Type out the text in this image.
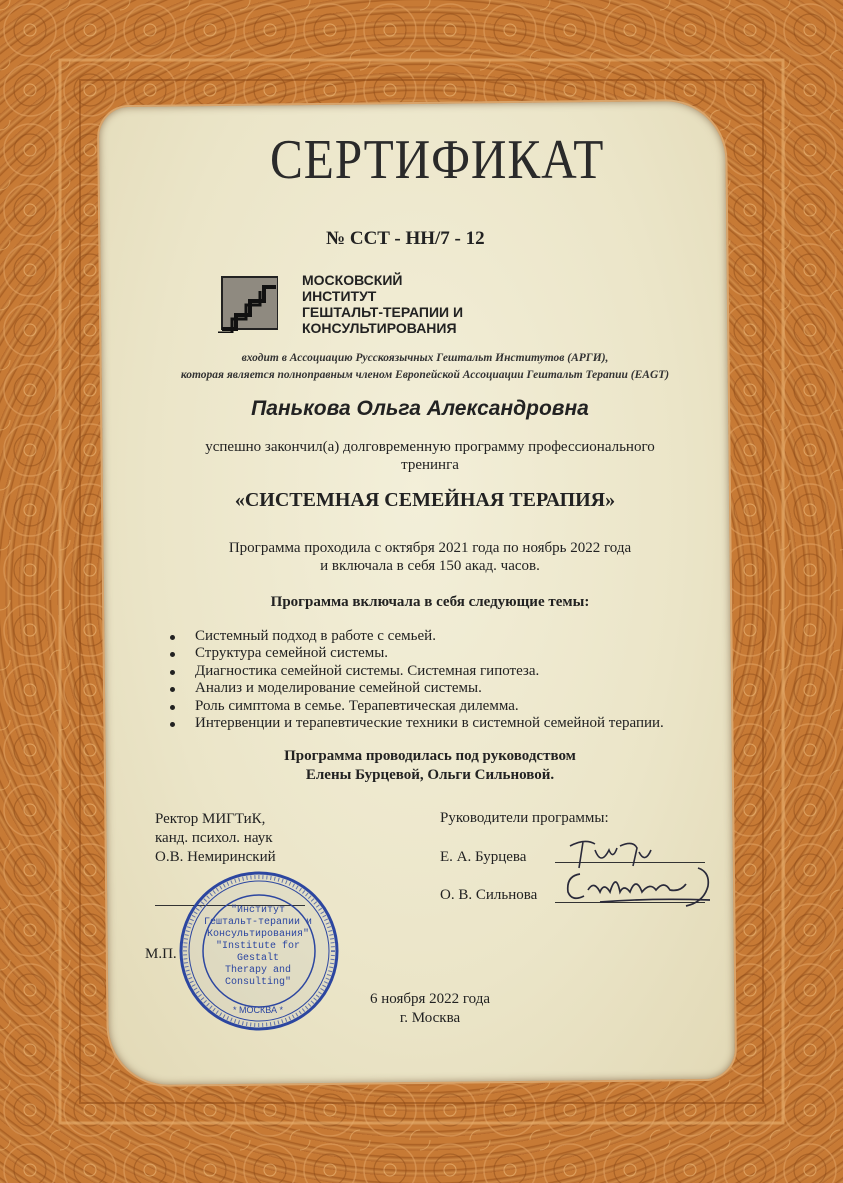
СЕРТИФИКАТ
№ CCT - НН/7 - 12
МОСКОВСКИЙ
ИНСТИТУТ
ГЕШТАЛЬТ-ТЕРАПИИ И
КОНСУЛЬТИРОВАНИЯ
входит в Ассоциацию Русскоязычных Гештальт Институтов (АРГИ),
которая является полноправным членом Европейской Ассоциации Гештальт Терапии (EAGT)
Панькова Ольга Александровна
успешно закончил(а) долговременную программу профессионального
тренинга
«СИСТЕМНАЯ СЕМЕЙНАЯ ТЕРАПИЯ»
Программа проходила с октября 2021 года по ноябрь 2022 года
и включала в себя 150 акад. часов.
Программа включала в себя следующие темы:
Системный подход в работе с семьей.
Структура семейной системы.
Диагностика семейной системы. Системная гипотеза.
Анализ и моделирование семейной системы.
Роль симптома в семье. Терапевтическая дилемма.
Интервенции и терапевтические техники в системной семейной терапии.
Программа проводилась под руководством
Елены Бурцевой, Ольги Сильновой.
Ректор МИГТиК,
канд. психол. наук
О.В. Немиринский
Руководители программы:
Е. А. Бурцева
О. В. Сильнова
М.П.
"Институт
Гештальт-терапии и
Консультирования"
"Institute for Gestalt
Therapy and
Consulting"
* МОСКВА *
6 ноября 2022 года
г. Москва
